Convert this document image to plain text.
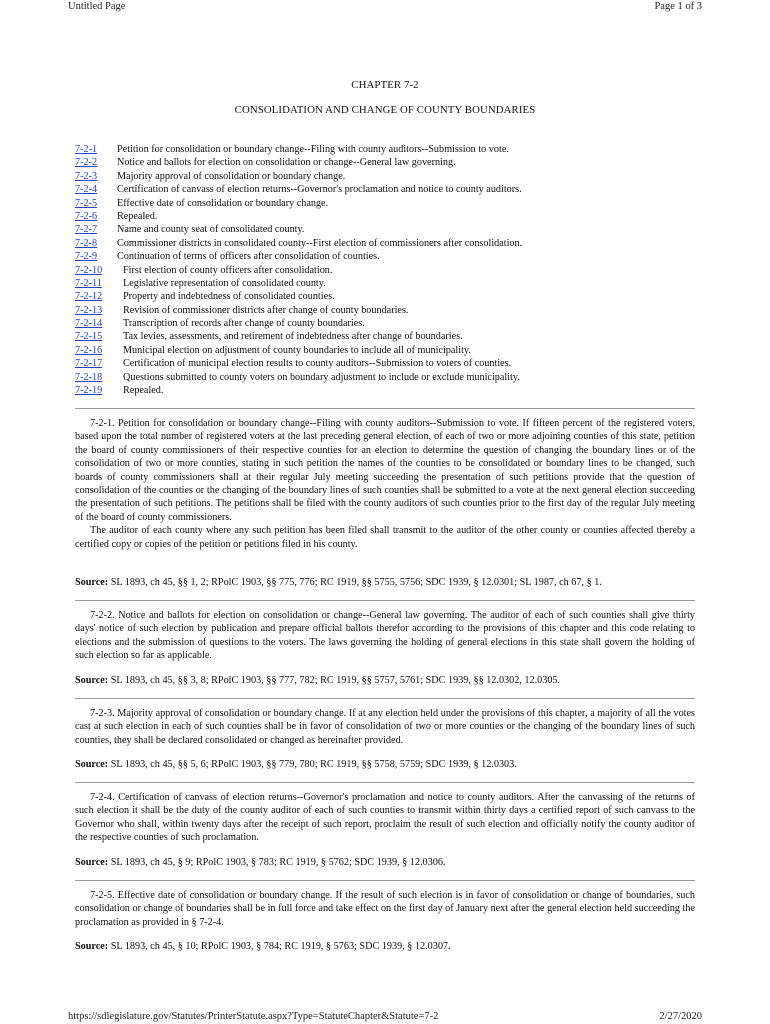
Untitled Page	Page 1 of 3
CHAPTER 7-2
CONSOLIDATION AND CHANGE OF COUNTY BOUNDARIES
7-2-1 Petition for consolidation or boundary change--Filing with county auditors--Submission to vote.
7-2-2 Notice and ballots for election on consolidation or change--General law governing.
7-2-3 Majority approval of consolidation or boundary change.
7-2-4 Certification of canvass of election returns--Governor's proclamation and notice to county auditors.
7-2-5 Effective date of consolidation or boundary change.
7-2-6 Repealed.
7-2-7 Name and county seat of consolidated county.
7-2-8 Commissioner districts in consolidated county--First election of commissioners after consolidation.
7-2-9 Continuation of terms of officers after consolidation of counties.
7-2-10 First election of county officers after consolidation.
7-2-11 Legislative representation of consolidated county.
7-2-12 Property and indebtedness of consolidated counties.
7-2-13 Revision of commissioner districts after change of county boundaries.
7-2-14 Transcription of records after change of county boundaries.
7-2-15 Tax levies, assessments, and retirement of indebtedness after change of boundaries.
7-2-16 Municipal election on adjustment of county boundaries to include all of municipality.
7-2-17 Certification of municipal election results to county auditors--Submission to voters of counties.
7-2-18 Questions submitted to county voters on boundary adjustment to include or exclude municipality.
7-2-19 Repealed.

7-2-1. Petition for consolidation or boundary change--Filing with county auditors--Submission to vote. If fifteen percent of the registered voters, based upon the total number of registered voters at the last preceding general election, of each of two or more adjoining counties of this state, petition the board of county commissioners of their respective counties for an election to determine the question of changing the boundary lines or of the consolidation of two or more counties, stating in such petition the names of the counties to be consolidated or boundary lines to be changed, such boards of county commissioners shall at their regular July meeting succeeding the presentation of such petitions provide that the question of consolidation of the counties or the changing of the boundary lines of such counties shall be submitted to a vote at the next general election succeeding the presentation of such petitions. The petitions shall be filed with the county auditors of such counties prior to the first day of the regular July meeting of the board of county commissioners.

The auditor of each county where any such petition has been filed shall transmit to the auditor of the other county or counties affected thereby a certified copy or copies of the petition or petitions filed in his county.

Source: SL 1893, ch 45, §§ 1, 2; RPolC 1903, §§ 775, 776; RC 1919, §§ 5755, 5756; SDC 1939, § 12.0301; SL 1987, ch 67, § 1.

7-2-2. Notice and ballots for election on consolidation or change--General law governing. The auditor of each of such counties shall give thirty days' notice of such election by publication and prepare official ballots therefor according to the provisions of this chapter and this code relating to elections and the submission of questions to the voters. The laws governing the holding of general elections in this state shall govern the holding of such election so far as applicable.

Source: SL 1893, ch 45, §§ 3, 8; RPolC 1903, §§ 777, 782; RC 1919, §§ 5757, 5761; SDC 1939, §§ 12.0302, 12.0305.

7-2-3. Majority approval of consolidation or boundary change. If at any election held under the provisions of this chapter, a majority of all the votes cast at such election in each of such counties shall be in favor of consolidation of two or more counties or the changing of the boundary lines of such counties, they shall be declared consolidated or changed as hereinafter provided.

Source: SL 1893, ch 45, §§ 5, 6; RPolC 1903, §§ 779, 780; RC 1919, §§ 5758, 5759; SDC 1939, § 12.0303.

7-2-4. Certification of canvass of election returns--Governor's proclamation and notice to county auditors. After the canvassing of the returns of such election it shall be the duty of the county auditor of each of such counties to transmit within thirty days a certified report of such canvass to the Governor who shall, within twenty days after the receipt of such report, proclaim the result of such election and officially notify the county auditor of the respective counties of such proclamation.

Source: SL 1893, ch 45, § 9; RPolC 1903, § 783; RC 1919, § 5762; SDC 1939, § 12.0306.

7-2-5. Effective date of consolidation or boundary change. If the result of such election is in favor of consolidation or change of boundaries, such consolidation or change of boundaries shall be in full force and take effect on the first day of January next after the general election held succeeding the proclamation as provided in § 7-2-4.

Source: SL 1893, ch 45, § 10; RPolC 1903, § 784; RC 1919, § 5763; SDC 1939, § 12.0307.
https://sdlegislature.gov/Statutes/PrinterStatute.aspx?Type=StatuteChapter&Statute=7-2	2/27/2020
